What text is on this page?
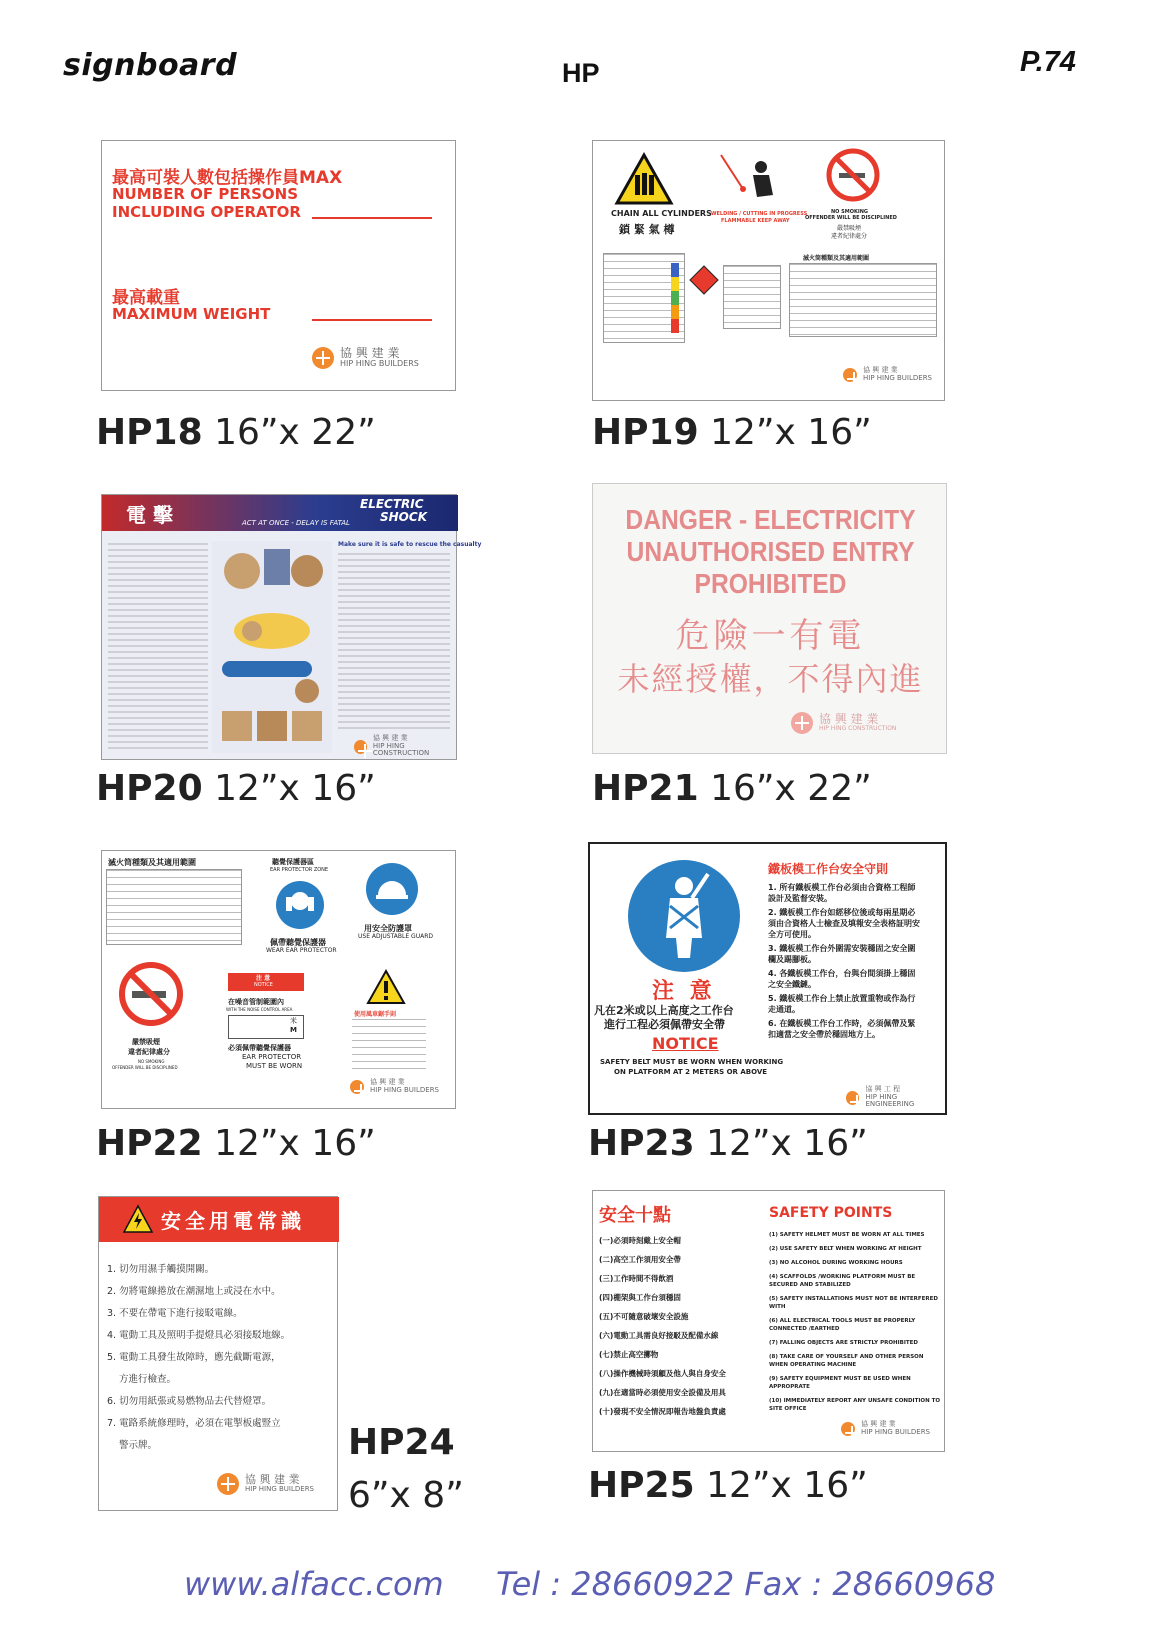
signboard	HP	P.74
最高可裝人數包括操作員MAX
NUMBER OF PERSONS
INCLUDING OPERATOR
最高載重
MAXIMUM WEIGHT
協 興 建 業
HIP HING BUILDERS
HP18 16”x 22”
CHAIN ALL CYLINDERS
鎖 緊 氣 樽
WELDING / CUTTING IN PROGRESS
FLAMMABLE KEEP AWAY
NO SMOKING
OFFENDER WILL BE DISCIPLINED
嚴禁吸煙
違者紀律處分
滅火筒種類及其適用範圍
協 興 建 業
HIP HING BUILDERS
HP19 12”x 16”
電 擊	ELECTRIC
SHOCK
ACT AT ONCE - DELAY IS FATAL
Make sure it is safe to rescue the casualty
協 興 建 業
HIP HING CONSTRUCTION
HP20 12”x 16”
DANGER - ELECTRICITY
UNAUTHORISED ENTRY
PROHIBITED
危險一有電
未經授權，不得內進
協 興 建 業
HIP HING CONSTRUCTION
HP21 16”x 22”
滅火筒種類及其適用範圍	聽覺保護器區
EAR PROTECTOR ZONE
佩帶聽覺保護器
WEAR EAR PROTECTOR
用安全防護罩
USE ADJUSTABLE GUARD
嚴禁吸煙
違者紀律處分
NO SMOKING
OFFENDER WILL BE DISCIPLINED
注 意
NOTICE
在噪音管制範圍內
WITH THE NOISE CONTROL AREA
米
M
必須佩帶聽覺保護器
EAR PROTECTOR
MUST BE WORN
使用風車鋸手則
協 興 建 業
HIP HING BUILDERS
HP22 12”x 16”
注 意
凡在2米或以上高度之工作台
進行工程必須佩帶安全帶
NOTICE
SAFETY BELT MUST BE WORN WHEN WORKING
ON PLATFORM AT 2 METERS OR ABOVE
鐵板模工作台安全守則
1. 所有鐵板模工作台必須由合資格工程師設計及監督安裝。
2. 鐵板模工作台如經移位後或每兩星期必須由合資格人士檢查及填報安全表格証明安全方可使用。
3. 鐵板模工作台外圍需安裝穩固之安全圍欄及踢腳板。
4. 各鐵板模工作台，台與台間須掛上穩固之安全鐵鏈。
5. 鐵板模工作台上禁止放置重物或作為行走通道。
6. 在鐵板模工作台工作時，必須佩帶及緊扣適當之安全帶於穩固地方上。
協 興 工 程
HIP HING ENGINEERING
HP23 12”x 16”
安全用電常識
1. 切勿用濕手觸摸開關。
2. 勿將電線捲放在潮濕地上或浸在水中。
3. 不要在帶電下進行接駁電線。
4. 電動工具及照明手提燈具必須接駁地線。
5. 電動工具發生故障時，應先截斷電源，
方進行檢查。
6. 切勿用紙張或易燃物品去代替燈罩。
7. 電路系統修理時，必須在電掣板處豎立
警示牌。
協 興 建 業
HIP HING BUILDERS
HP24
6”x 8”
安全十點	SAFETY POINTS
(一)必須時刻戴上安全帽
(二)高空工作須用安全帶
(三)工作時間不得飲酒
(四)棚架與工作台須穩固
(五)不可隨意破壞安全設施
(六)電動工具需良好接駁及配備水線
(七)禁止高空擲物
(八)操作機械時須顧及他人與自身安全
(九)在適當時必須使用安全設備及用具
(十)發現不安全情況即報告地盤負責處
(1) SAFETY HELMET MUST BE WORN AT ALL TIMES
(2) USE SAFETY BELT WHEN WORKING AT HEIGHT
(3) NO ALCOHOL DURING WORKING HOURS
(4) SCAFFOLDS /WORKING PLATFORM MUST BE SECURED AND STABILIZED
(5) SAFETY INSTALLATIONS MUST NOT BE INTERFERED WITH
(6) ALL ELECTRICAL TOOLS MUST BE PROPERLY CONNECTED /EARTHED
(7) FALLING OBJECTS ARE STRICTLY PROHIBITED
(8) TAKE CARE OF YOURSELF AND OTHER PERSON WHEN OPERATING MACHINE
(9) SAFETY EQUIPMENT MUST BE USED WHEN APPROPRATE
(10) IMMEDIATELY REPORT ANY UNSAFE CONDITION TO SITE OFFICE
協 興 建 業
HIP HING BUILDERS
HP25 12”x 16”
www.alfacc.com Tel : 28660922 Fax : 28660968
